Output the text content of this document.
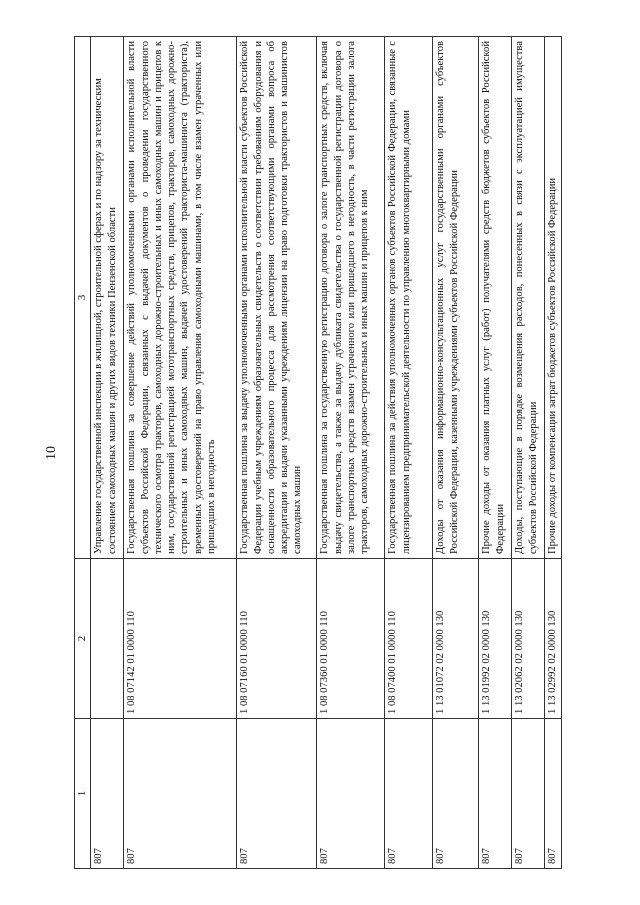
10
1	2	3
807		Управление государственной инспекции в жилищной, строительной сферах и по надзору за техническим состоянием самоходных машин и других видов техники Пензенской области
807	1 08 07142 01 0000 110	Государственная пошлина за совершение действий уполномоченными органами исполнительной власти субъектов Российской Федерации, связанных с выдачей документов о проведении государственного технического осмотра тракторов, самоходных дорожно-строительных и иных самоходных машин и прицепов к ним, государственной регистрацией мототранспортных средств, прицепов, тракторов, самоходных дорожно-строительных и иных самоходных машин, выдачей удостоверений тракториста-машиниста (тракториста), временных удостоверений на право управления самоходными машинами, в том числе взамен утраченных или пришедших в негодность
807	1 08 07160 01 0000 110	Государственная пошлина за выдачу уполномоченными органами исполнительной власти субъектов Российской Федерации учебным учреждениям образовательных свидетельств о соответствии требованиям оборудования и оснащенности образовательного процесса для рассмотрения соответствующими органами вопроса об аккредитации и выдачи указанными учреждениям лицензии на право подготовки трактористов и машинистов самоходных машин
807	1 08 07360 01 0000 110	Государственная пошлина за государственную регистрацию договора о залоге транспортных средств, включая выдачу свидетельства, а также за выдачу дубликата свидетельства о государственной регистрации договора о залоге транспортных средств взамен утраченного или пришедшего в негодность, в части регистрации залога тракторов, самоходных дорожно-строительных и иных машин и прицепов к ним
807	1 08 07400 01 0000 110	Государственная пошлина за действия уполномоченных органов субъектов Российской Федерации, связанные с лицензированием предпринимательской деятельности по управлению многоквартирными домами
807	1 13 01072 02 0000 130	Доходы от оказания информационно-консультационных услуг государственными органами субъектов Российской Федерации, казенными учреждениями субъектов Российской Федерации
807	1 13 01992 02 0000 130	Прочие доходы от оказания платных услуг (работ) получателями средств бюджетов субъектов Российской Федерации
807	1 13 02062 02 0000 130	Доходы, поступающие в порядке возмещения расходов, понесенных в связи с эксплуатацией имущества субъектов Российской Федерации
807	1 13 02992 02 0000 130	Прочие доходы от компенсации затрат бюджетов субъектов Российской Федерации
